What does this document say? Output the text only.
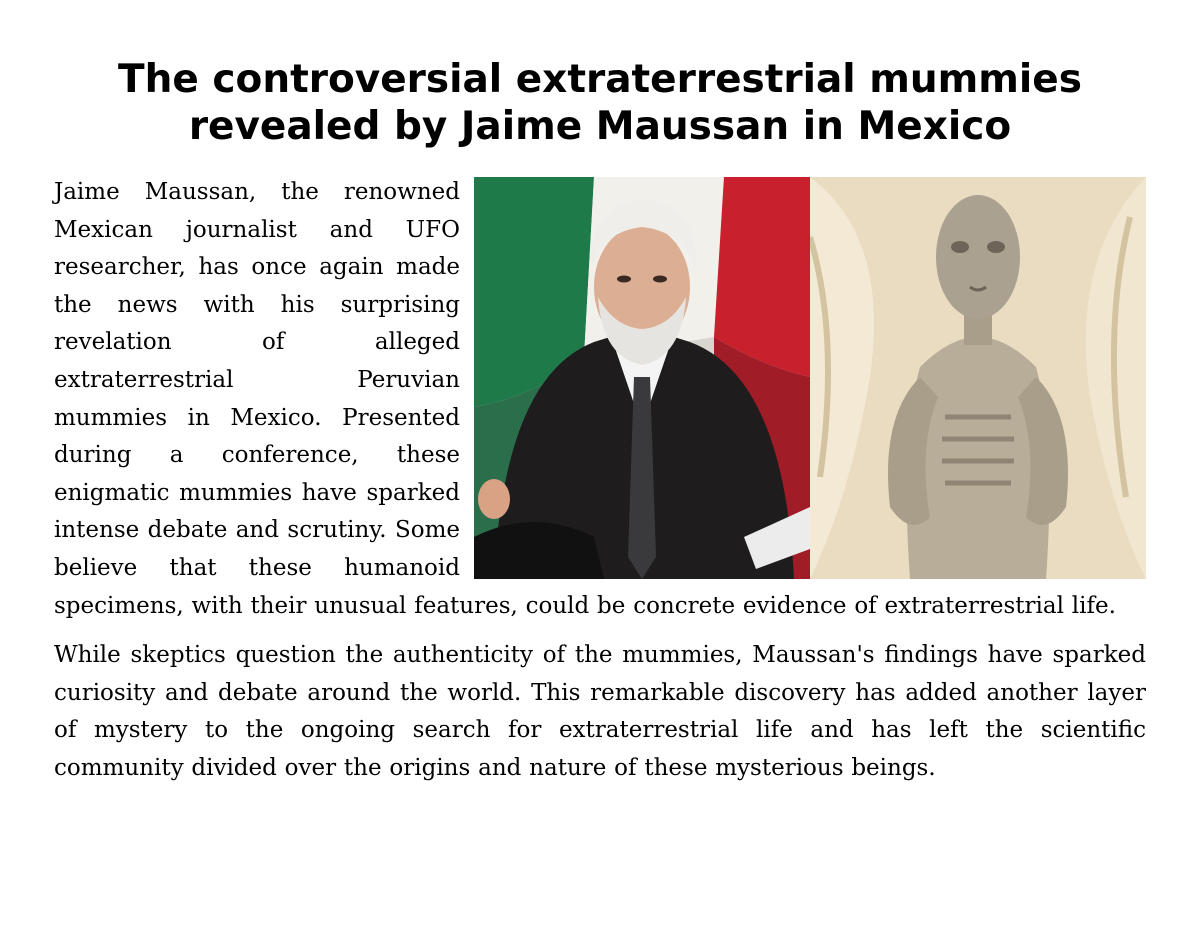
The controversial extraterrestrial mummies revealed by Jaime Maussan in Mexico

Jaime Maussan, the renowned Mexican journalist and UFO researcher, has once again made the news with his surprising revelation of alleged extraterrestrial Peruvian mummies in Mexico. Presented during a conference, these enigmatic mummies have sparked intense debate and scrutiny. Some believe that these humanoid specimens, with their unusual features, could be concrete evidence of extraterrestrial life.

While skeptics question the authenticity of the mummies, Maussan's findings have sparked curiosity and debate around the world. This remarkable discovery has added another layer of mystery to the ongoing search for extraterrestrial life and has left the scientific community divided over the origins and nature of these mysterious beings.
